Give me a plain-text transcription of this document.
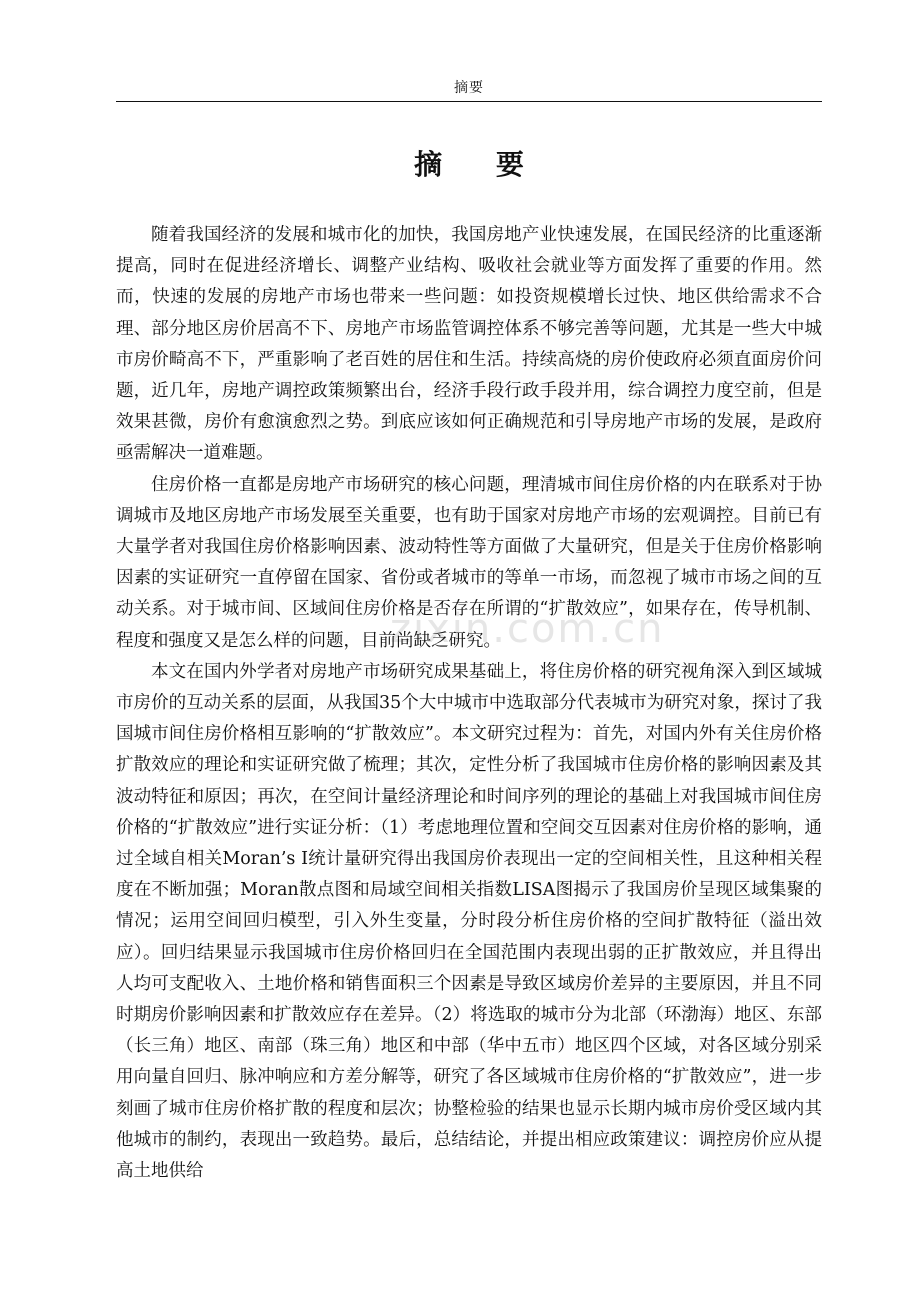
摘要
摘 要
zixin.com.cn

随着我国经济的发展和城市化的加快，我国房地产业快速发展，在国民经济的比重逐渐提高，同时在促进经济增长、调整产业结构、吸收社会就业等方面发挥了重要的作用。然而，快速的发展的房地产市场也带来一些问题：如投资规模增长过快、地区供给需求不合理、部分地区房价居高不下、房地产市场监管调控体系不够完善等问题，尤其是一些大中城市房价畸高不下，严重影响了老百姓的居住和生活。持续高烧的房价使政府必须直面房价问题，近几年，房地产调控政策频繁出台，经济手段行政手段并用，综合调控力度空前，但是效果甚微，房价有愈演愈烈之势。到底应该如何正确规范和引导房地产市场的发展，是政府亟需解决一道难题。

住房价格一直都是房地产市场研究的核心问题，理清城市间住房价格的内在联系对于协调城市及地区房地产市场发展至关重要，也有助于国家对房地产市场的宏观调控。目前已有大量学者对我国住房价格影响因素、波动特性等方面做了大量研究，但是关于住房价格影响因素的实证研究一直停留在国家、省份或者城市的等单一市场，而忽视了城市市场之间的互动关系。对于城市间、区域间住房价格是否存在所谓的“扩散效应”，如果存在，传导机制、程度和强度又是怎么样的问题，目前尚缺乏研究。

本文在国内外学者对房地产市场研究成果基础上，将住房价格的研究视角深入到区域城市房价的互动关系的层面，从我国35个大中城市中选取部分代表城市为研究对象，探讨了我国城市间住房价格相互影响的“扩散效应”。本文研究过程为：首先，对国内外有关住房价格扩散效应的理论和实证研究做了梳理；其次，定性分析了我国城市住房价格的影响因素及其波动特征和原因；再次，在空间计量经济理论和时间序列的理论的基础上对我国城市间住房价格的“扩散效应”进行实证分析：（1）考虑地理位置和空间交互因素对住房价格的影响，通过全域自相关Moran’s I统计量研究得出我国房价表现出一定的空间相关性，且这种相关程度在不断加强；Moran散点图和局域空间相关指数LISA图揭示了我国房价呈现区域集聚的情况；运用空间回归模型，引入外生变量，分时段分析住房价格的空间扩散特征（溢出效应）。回归结果显示我国城市住房价格回归在全国范围内表现出弱的正扩散效应，并且得出人均可支配收入、土地价格和销售面积三个因素是导致区域房价差异的主要原因，并且不同时期房价影响因素和扩散效应存在差异。（2）将选取的城市分为北部（环渤海）地区、东部（长三角）地区、南部（珠三角）地区和中部（华中五市）地区四个区域，对各区域分别采用向量自回归、脉冲响应和方差分解等，研究了各区域城市住房价格的“扩散效应”，进一步刻画了城市住房价格扩散的程度和层次；协整检验的结果也显示长期内城市房价受区域内其他城市的制约，表现出一致趋势。最后，总结结论，并提出相应政策建议：调控房价应从提高土地供给
